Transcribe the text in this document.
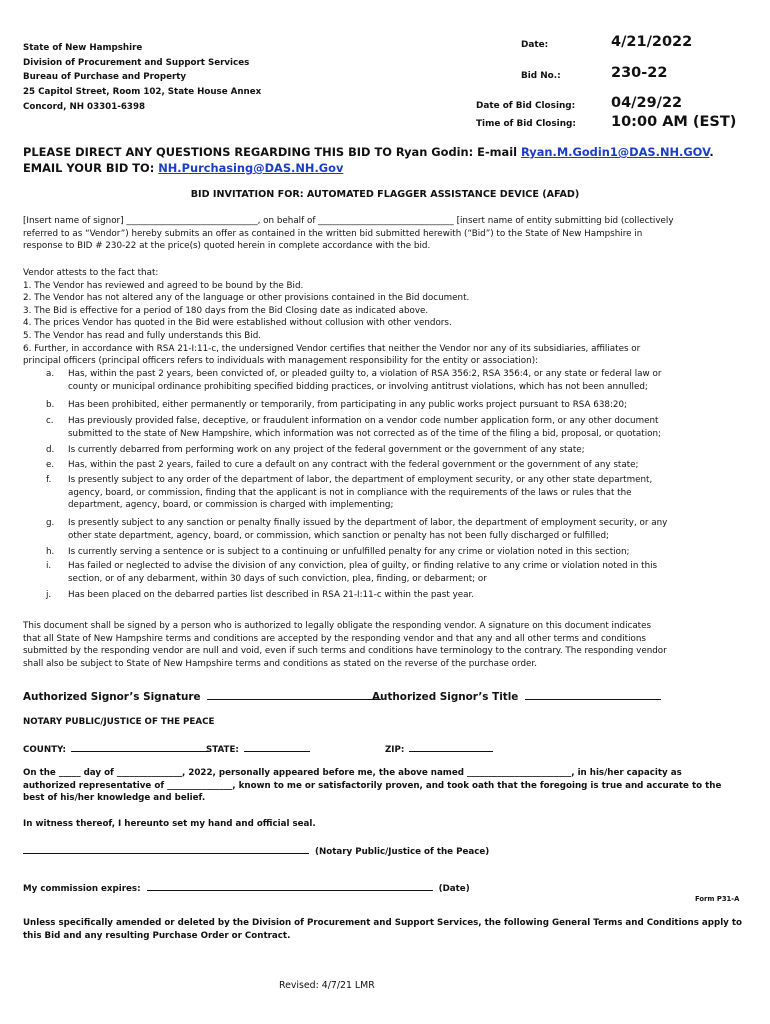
State of New Hampshire
Division of Procurement and Support Services
Bureau of Purchase and Property
25 Capitol Street, Room 102, State House Annex
Concord, NH 03301-6398
Date:	4/21/2022
Bid No.:	230-22
Date of Bid Closing: 04/29/22
Time of Bid Closing: 10:00 AM (EST)
PLEASE DIRECT ANY QUESTIONS REGARDING THIS BID TO Ryan Godin: E-mail Ryan.M.Godin1@DAS.NH.GOV.
EMAIL YOUR BID TO: NH.Purchasing@DAS.NH.Gov
BID INVITATION FOR: AUTOMATED FLAGGER ASSISTANCE DEVICE (AFAD)
[Insert name of signor] ______________________________, on behalf of _______________________________ [insert name of entity submitting bid (collectively
referred to as “Vendor”) hereby submits an offer as contained in the written bid submitted herewith (“Bid”) to the State of New Hampshire in
response to BID # 230-22 at the price(s) quoted herein in complete accordance with the bid.
Vendor attests to the fact that:
1. The Vendor has reviewed and agreed to be bound by the Bid.
2. The Vendor has not altered any of the language or other provisions contained in the Bid document.
3. The Bid is effective for a period of 180 days from the Bid Closing date as indicated above.
4. The prices Vendor has quoted in the Bid were established without collusion with other vendors.
5. The Vendor has read and fully understands this Bid.
6. Further, in accordance with RSA 21-I:11-c, the undersigned Vendor certifies that neither the Vendor nor any of its subsidiaries, affiliates or
principal officers (principal officers refers to individuals with management responsibility for the entity or association):
a. Has, within the past 2 years, been convicted of, or pleaded guilty to, a violation of RSA 356:2, RSA 356:4, or any state or federal law or
county or municipal ordinance prohibiting specified bidding practices, or involving antitrust violations, which has not been annulled;
b. Has been prohibited, either permanently or temporarily, from participating in any public works project pursuant to RSA 638:20;
c. Has previously provided false, deceptive, or fraudulent information on a vendor code number application form, or any other document
submitted to the state of New Hampshire, which information was not corrected as of the time of the filing a bid, proposal, or quotation;
d. Is currently debarred from performing work on any project of the federal government or the government of any state;
e. Has, within the past 2 years, failed to cure a default on any contract with the federal government or the government of any state;
f. Is presently subject to any order of the department of labor, the department of employment security, or any other state department,
agency, board, or commission, finding that the applicant is not in compliance with the requirements of the laws or rules that the
department, agency, board, or commission is charged with implementing;
g. Is presently subject to any sanction or penalty finally issued by the department of labor, the department of employment security, or any
other state department, agency, board, or commission, which sanction or penalty has not been fully discharged or fulfilled;
h. Is currently serving a sentence or is subject to a continuing or unfulfilled penalty for any crime or violation noted in this section;
i. Has failed or neglected to advise the division of any conviction, plea of guilty, or finding relative to any crime or violation noted in this
section, or of any debarment, within 30 days of such conviction, plea, finding, or debarment; or
j. Has been placed on the debarred parties list described in RSA 21-I:11-c within the past year.
This document shall be signed by a person who is authorized to legally obligate the responding vendor. A signature on this document indicates
that all State of New Hampshire terms and conditions are accepted by the responding vendor and that any and all other terms and conditions
submitted by the responding vendor are null and void, even if such terms and conditions have terminology to the contrary. The responding vendor
shall also be subject to State of New Hampshire terms and conditions as stated on the reverse of the purchase order.
Authorized Signor’s Signature	Authorized Signor’s Title
NOTARY PUBLIC/JUSTICE OF THE PEACE
COUNTY:	STATE:	ZIP:
On the _____ day of _______________, 2022, personally appeared before me, the above named ________________________, in his/her capacity as
authorized representative of _______________, known to me or satisfactorily proven, and took oath that the foregoing is true and accurate to the
best of his/her knowledge and belief.
In witness thereof, I hereunto set my hand and official seal.
(Notary Public/Justice of the Peace)
My commission expires:	(Date)
Form P31-A
Unless specifically amended or deleted by the Division of Procurement and Support Services, the following General Terms and Conditions apply to
this Bid and any resulting Purchase Order or Contract.
Revised: 4/7/21 LMR
